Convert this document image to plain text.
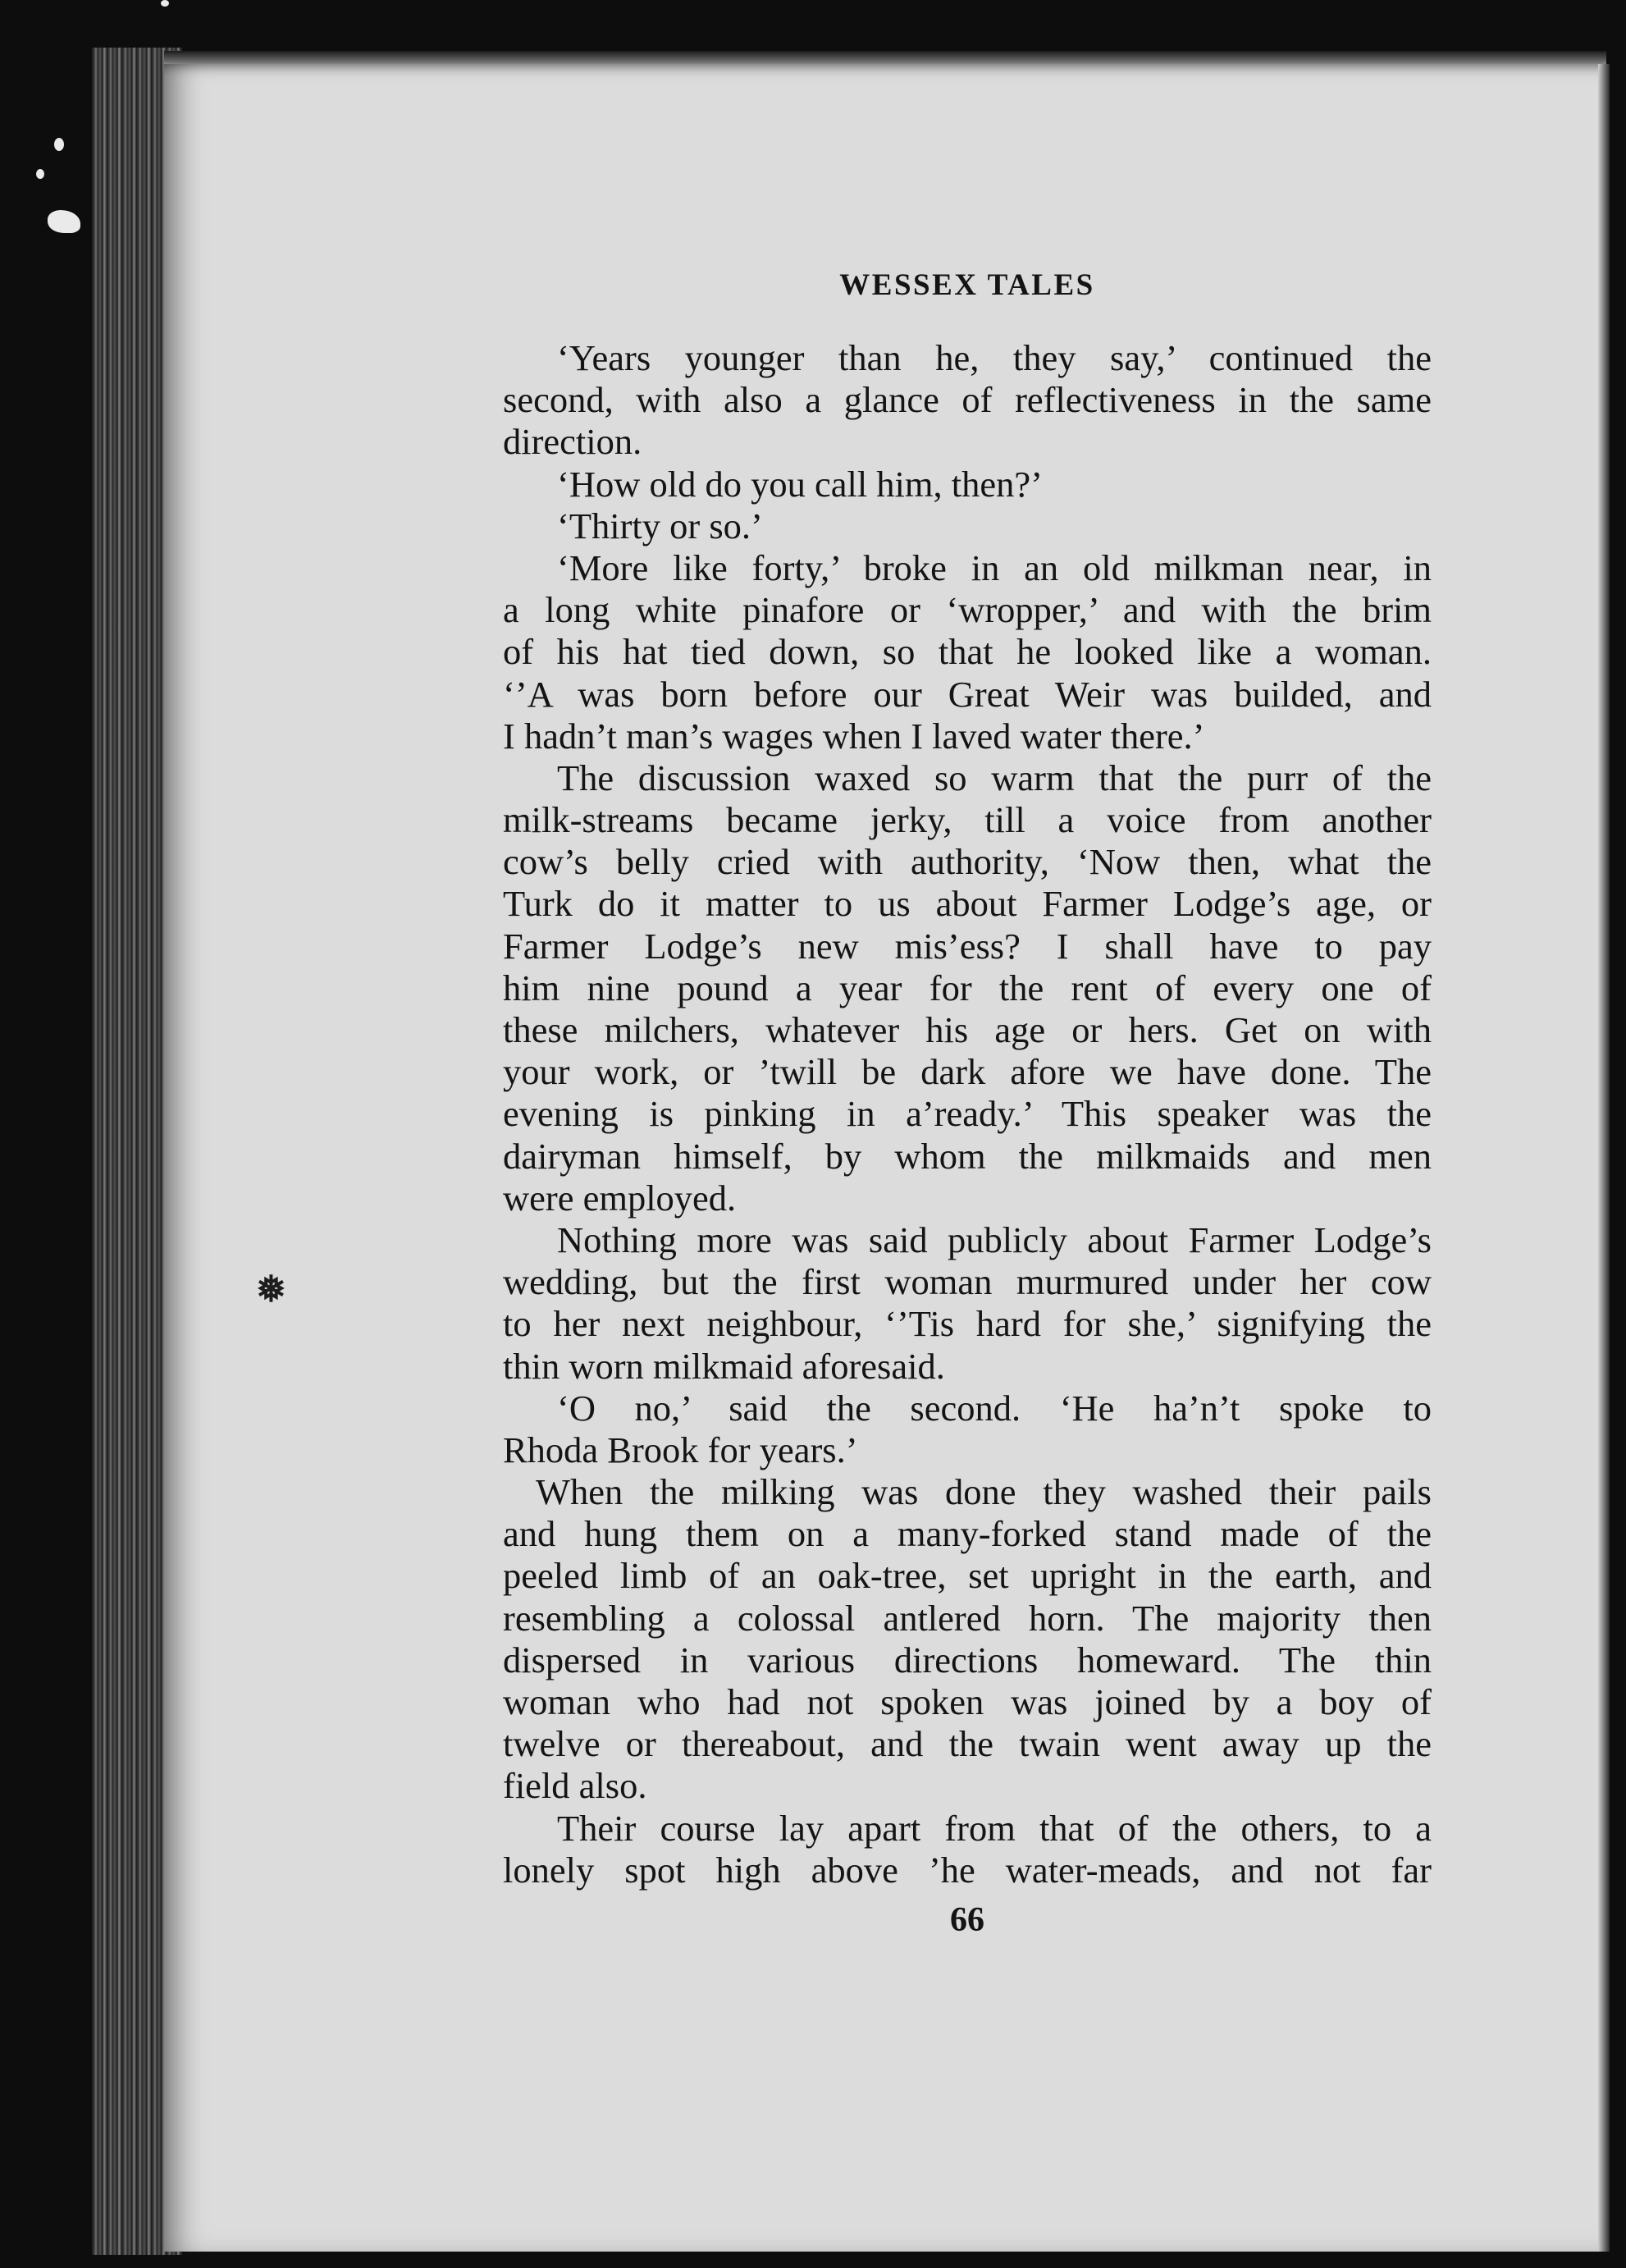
❅
WESSEX TALES
‘Years younger than he, they say,’ continued the
second, with also a glance of reflectiveness in the same
direction.
‘How old do you call him, then?’
‘Thirty or so.’
‘More like forty,’ broke in an old milkman near, in
a long white pinafore or ‘wropper,’ and with the brim
of his hat tied down, so that he looked like a woman.
‘’A was born before our Great Weir was builded, and
I hadn’t man’s wages when I laved water there.’
The discussion waxed so warm that the purr of the
milk-streams became jerky, till a voice from another
cow’s belly cried with authority, ‘Now then, what the
Turk do it matter to us about Farmer Lodge’s age, or
Farmer Lodge’s new mis’ess? I shall have to pay
him nine pound a year for the rent of every one of
these milchers, whatever his age or hers. Get on with
your work, or ’twill be dark afore we have done. The
evening is pinking in a’ready.’ This speaker was the
dairyman himself, by whom the milkmaids and men
were employed.
Nothing more was said publicly about Farmer Lodge’s
wedding, but the first woman murmured under her cow
to her next neighbour, ‘’Tis hard for she,’ signifying the
thin worn milkmaid aforesaid.
‘O no,’ said the second. ‘He ha’n’t spoke to
Rhoda Brook for years.’
When the milking was done they washed their pails
and hung them on a many-forked stand made of the
peeled limb of an oak-tree, set upright in the earth, and
resembling a colossal antlered horn. The majority then
dispersed in various directions homeward. The thin
woman who had not spoken was joined by a boy of
twelve or thereabout, and the twain went away up the
field also.
Their course lay apart from that of the others, to a
lonely spot high above ʼhe water-meads, and not far
66
